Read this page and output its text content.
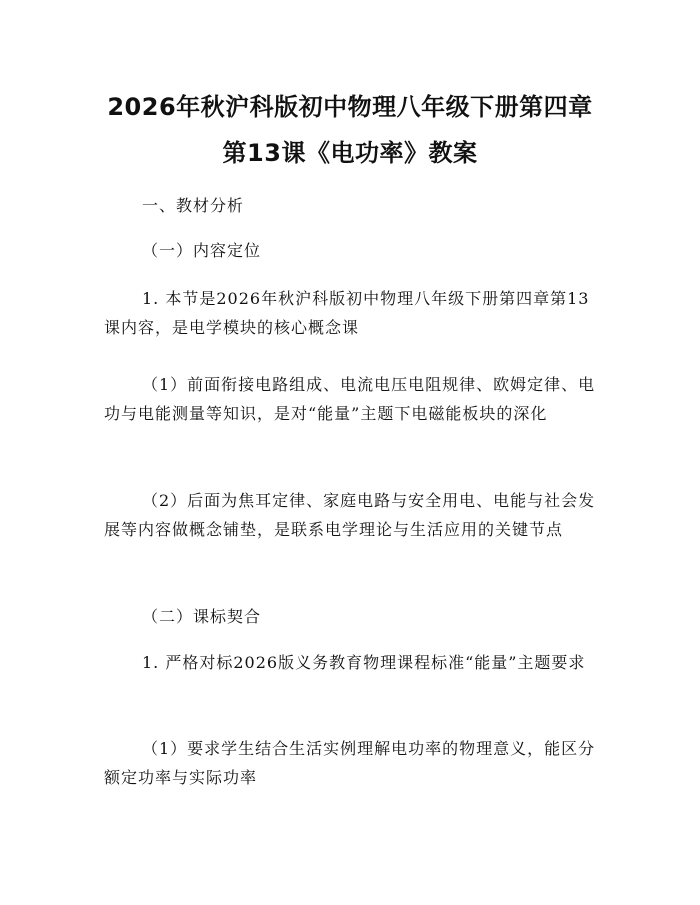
2026年秋沪科版初中物理八年级下册第四章
第13课《电功率》教案
一、教材分析
（一）内容定位
1. 本节是2026年秋沪科版初中物理八年级下册第四章第13课内容，是电学模块的核心概念课
（1）前面衔接电路组成、电流电压电阻规律、欧姆定律、电功与电能测量等知识，是对“能量”主题下电磁能板块的深化
（2）后面为焦耳定律、家庭电路与安全用电、电能与社会发展等内容做概念铺垫，是联系电学理论与生活应用的关键节点
（二）课标契合
1. 严格对标2026版义务教育物理课程标准“能量”主题要求
（1）要求学生结合生活实例理解电功率的物理意义，能区分额定功率与实际功率
